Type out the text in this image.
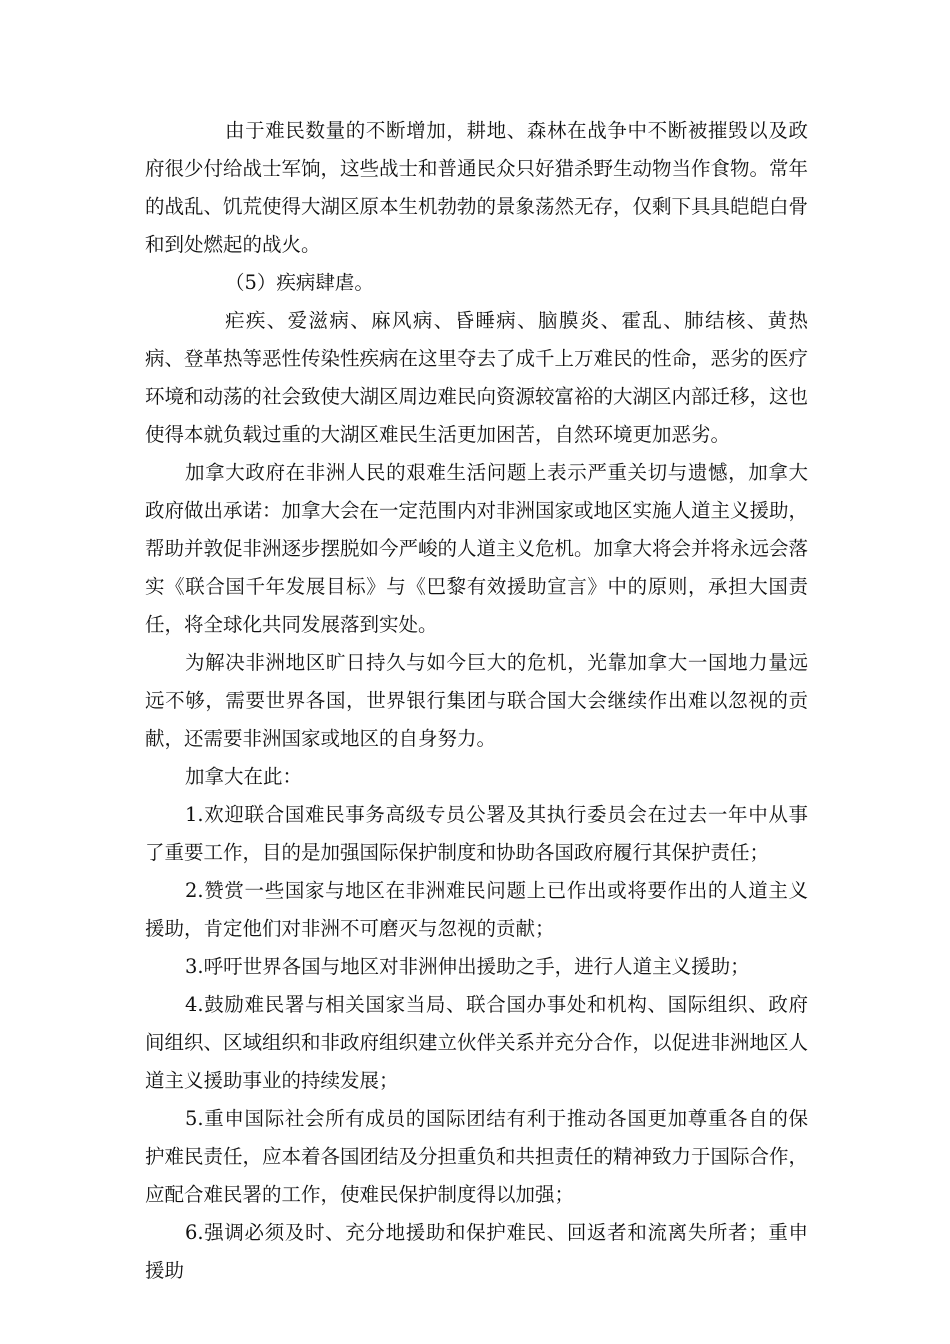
由于难民数量的不断增加，耕地、森林在战争中不断被摧毁以及政府很少付给战士军饷，这些战士和普通民众只好猎杀野生动物当作食物。常年的战乱、饥荒使得大湖区原本生机勃勃的景象荡然无存，仅剩下具具皑皑白骨和到处燃起的战火。

（5）疾病肆虐。

疟疾、爱滋病、麻风病、昏睡病、脑膜炎、霍乱、肺结核、黄热病、登革热等恶性传染性疾病在这里夺去了成千上万难民的性命，恶劣的医疗环境和动荡的社会致使大湖区周边难民向资源较富裕的大湖区内部迁移，这也使得本就负载过重的大湖区难民生活更加困苦，自然环境更加恶劣。

加拿大政府在非洲人民的艰难生活问题上表示严重关切与遗憾，加拿大政府做出承诺：加拿大会在一定范围内对非洲国家或地区实施人道主义援助，帮助并敦促非洲逐步摆脱如今严峻的人道主义危机。加拿大将会并将永远会落实《联合国千年发展目标》与《巴黎有效援助宣言》中的原则，承担大国责任，将全球化共同发展落到实处。

为解决非洲地区旷日持久与如今巨大的危机，光靠加拿大一国地力量远远不够，需要世界各国，世界银行集团与联合国大会继续作出难以忽视的贡献，还需要非洲国家或地区的自身努力。

加拿大在此：

1.欢迎联合国难民事务高级专员公署及其执行委员会在过去一年中从事了重要工作，目的是加强国际保护制度和协助各国政府履行其保护责任；

2.赞赏一些国家与地区在非洲难民问题上已作出或将要作出的人道主义援助，肯定他们对非洲不可磨灭与忽视的贡献；

3.呼吁世界各国与地区对非洲伸出援助之手，进行人道主义援助；

4.鼓励难民署与相关国家当局、联合国办事处和机构、国际组织、政府间组织、区域组织和非政府组织建立伙伴关系并充分合作，以促进非洲地区人道主义援助事业的持续发展；

5.重申国际社会所有成员的国际团结有利于推动各国更加尊重各自的保护难民责任，应本着各国团结及分担重负和共担责任的精神致力于国际合作，应配合难民署的工作，使难民保护制度得以加强；

6.强调必须及时、充分地援助和保护难民、回返者和流离失所者；重申援助
